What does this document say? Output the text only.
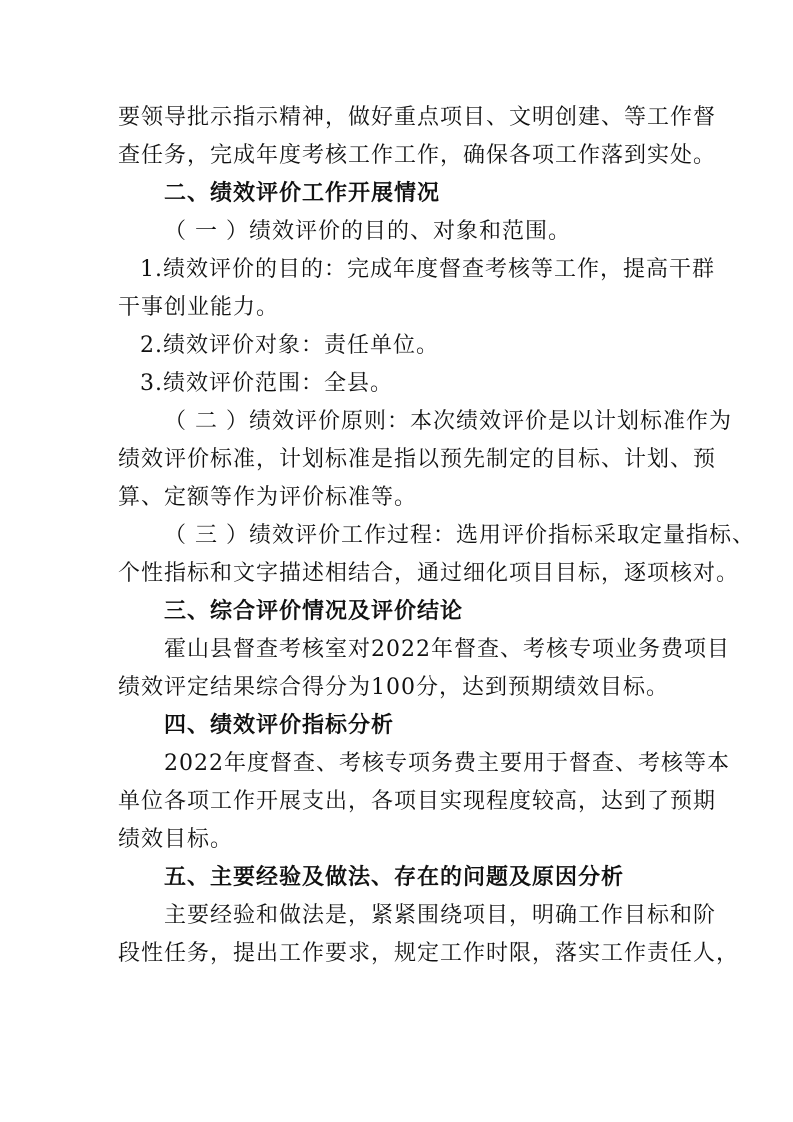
要领导批示指示精神，做好重点项目、文明创建、等工作督
查任务，完成年度考核工作工作，确保各项工作落到实处。
二、绩效评价工作开展情况
（ 一 ）绩效评价的目的、对象和范围。
1.绩效评价的目的：完成年度督查考核等工作，提高干群
干事创业能力。
2.绩效评价对象：责任单位。
3.绩效评价范围：全县。
（ 二 ）绩效评价原则：本次绩效评价是以计划标准作为
绩效评价标准，计划标准是指以预先制定的目标、计划、预
算、定额等作为评价标准等。
（ 三 ）绩效评价工作过程：选用评价指标采取定量指标、
个性指标和文字描述相结合，通过细化项目目标，逐项核对。
三、综合评价情况及评价结论
霍山县督查考核室对2022年督查、考核专项业务费项目
绩效评定结果综合得分为100分，达到预期绩效目标。
四、绩效评价指标分析
2022年度督查、考核专项务费主要用于督查、考核等本
单位各项工作开展支出，各项目实现程度较高，达到了预期
绩效目标。
五、主要经验及做法、存在的问题及原因分析
主要经验和做法是，紧紧围绕项目，明确工作目标和阶
段性任务，提出工作要求，规定工作时限，落实工作责任人，
